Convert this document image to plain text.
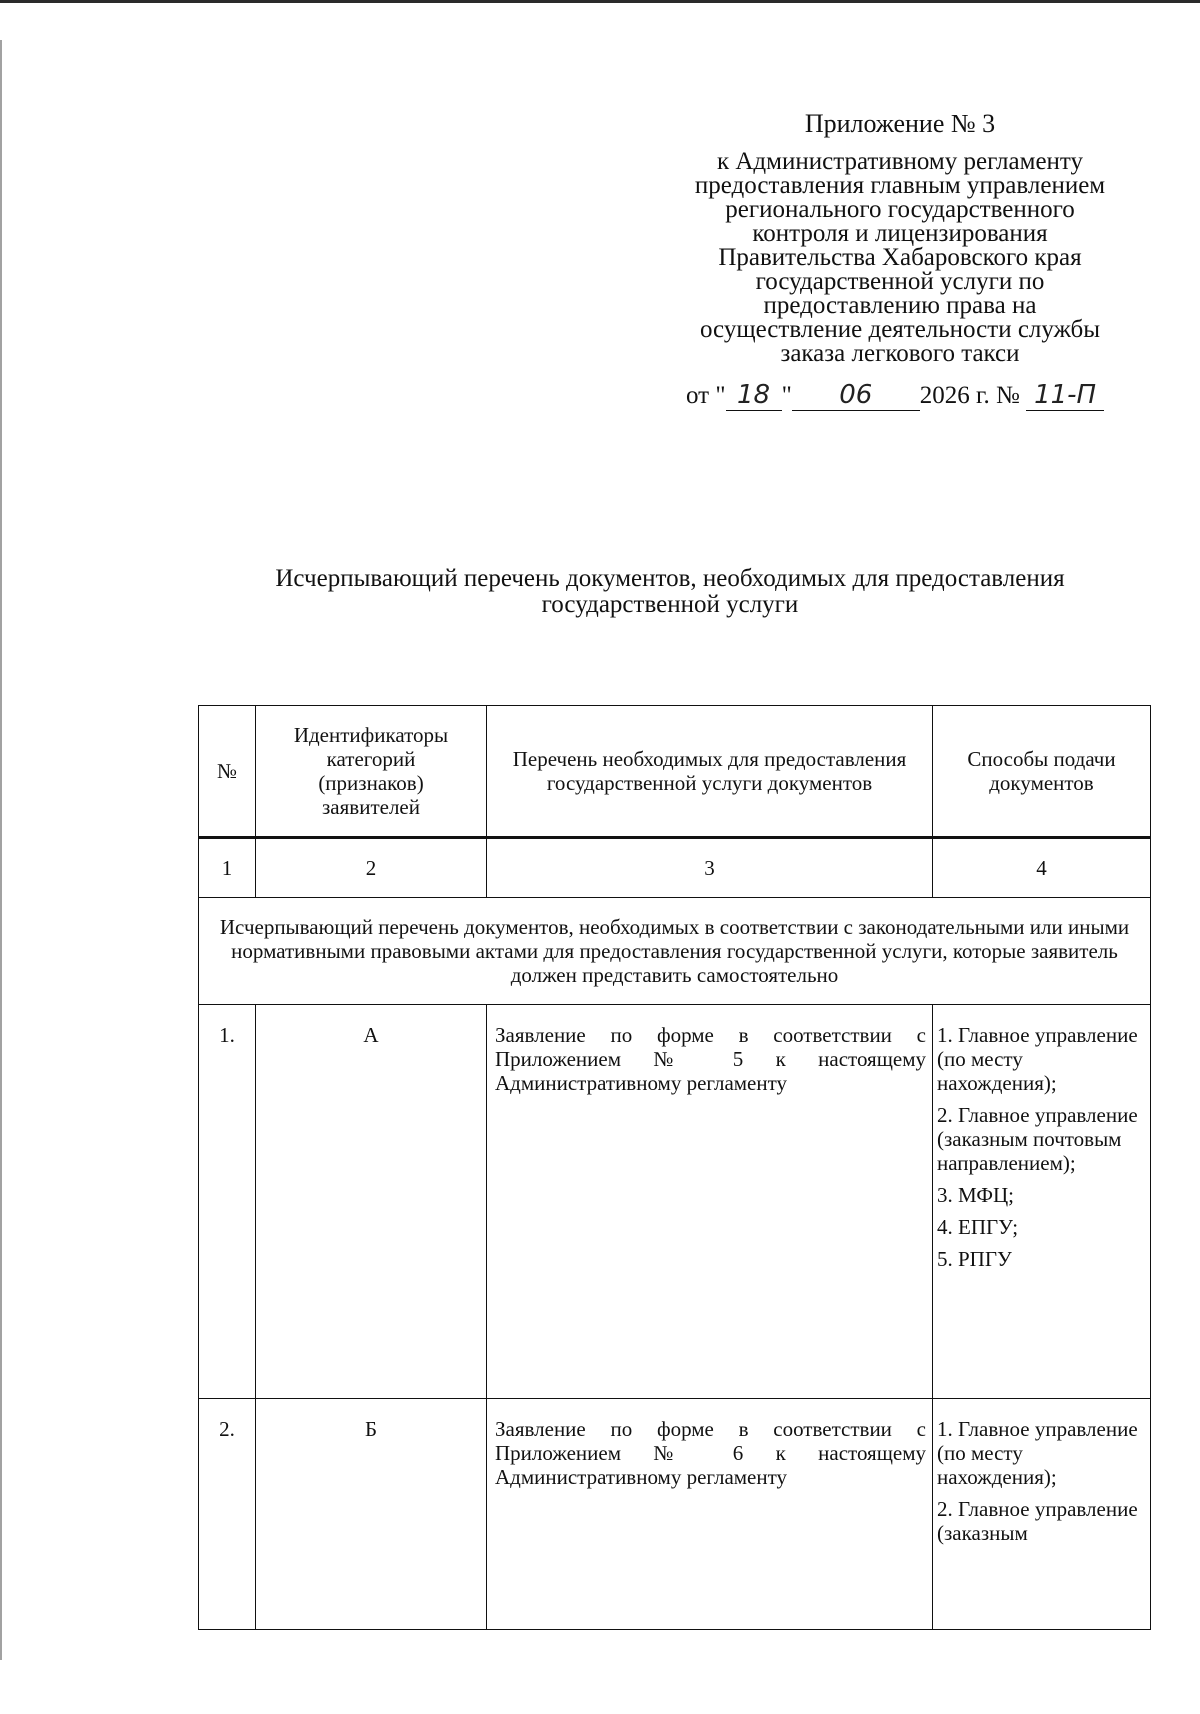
Приложение № 3
к Административному регламенту
предоставления главным управлением
регионального государственного
контроля и лицензирования
Правительства Хабаровского края
государственной услуги по
предоставлению права на
осуществление деятельности службы
заказа легкового такси
от " 18 " 06 2026 г. № 11-П
Исчерпывающий перечень документов, необходимых для предоставления
государственной услуги
№	Идентификаторы категорий (признаков) заявителей	Перечень необходимых для предоставления государственной услуги документов	Способы подачи документов
1	2	3	4
Исчерпывающий перечень документов, необходимых в соответствии с законодательными или иными нормативными правовыми актами для предоставления государственной услуги, которые заявитель должен представить самостоятельно			
1.	А	Заявление по форме в соответствии с Приложением № 5 к настоящему Административному регламенту	1. Главное управление (по месту нахождения);
2. Главное управление (заказным почтовым направлением);
3. МФЦ;
4. ЕПГУ;
5. РПГУ

2.	Б	Заявление по форме в соответствии с Приложением № 6 к настоящему Административному регламенту	1. Главное управление (по месту нахождения);
2. Главное управление (заказным
